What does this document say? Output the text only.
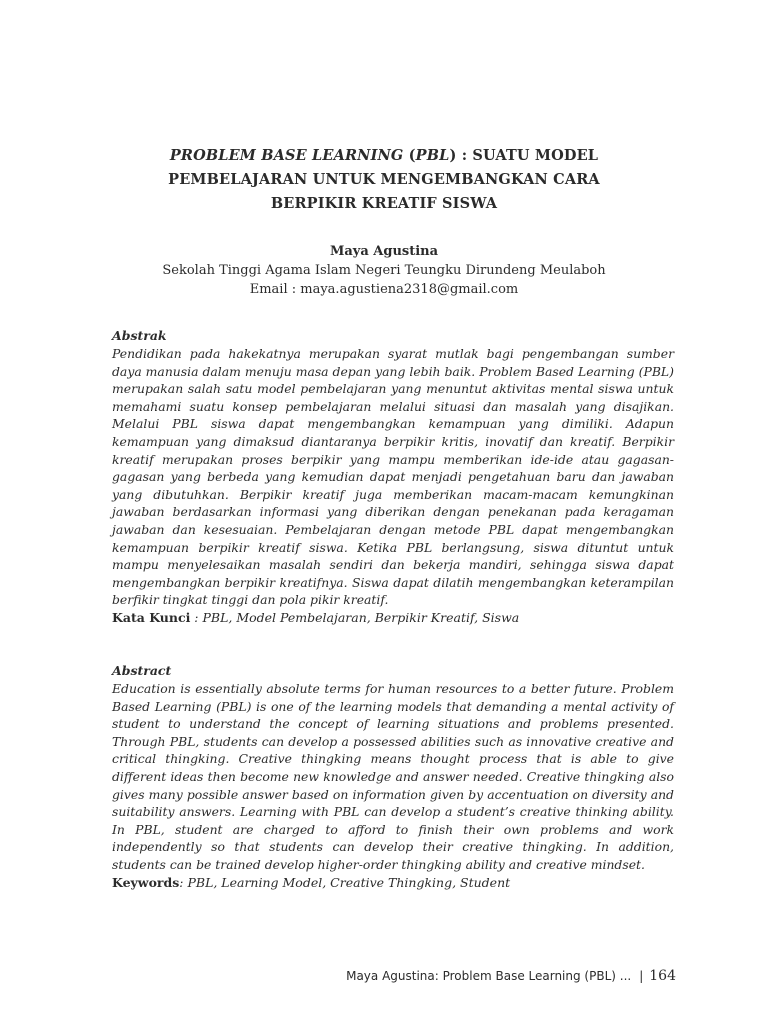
PROBLEM BASE LEARNING (PBL) : SUATU MODEL
PEMBELAJARAN UNTUK MENGEMBANGKAN CARA
BERPIKIR KREATIF SISWA
Maya Agustina
Sekolah Tinggi Agama Islam Negeri Teungku Dirundeng Meulaboh
Email : maya.agustiena2318@gmail.com
Abstrak
Pendidikan pada hakekatnya merupakan syarat mutlak bagi pengembangan sumber daya manusia dalam menuju masa depan yang lebih baik. Problem Based Learning (PBL) merupakan salah satu model pembelajaran yang menuntut aktivitas mental siswa untuk memahami suatu konsep pembelajaran melalui situasi dan masalah yang disajikan. Melalui PBL siswa dapat mengembangkan kemampuan yang dimiliki. Adapun kemampuan yang dimaksud diantaranya berpikir kritis, inovatif dan kreatif. Berpikir kreatif merupakan proses berpikir yang mampu memberikan ide-ide atau gagasan-gagasan yang berbeda yang kemudian dapat menjadi pengetahuan baru dan jawaban yang dibutuhkan. Berpikir kreatif juga memberikan macam-macam kemungkinan jawaban berdasarkan informasi yang diberikan dengan penekanan pada keragaman jawaban dan kesesuaian. Pembelajaran dengan metode PBL dapat mengembangkan kemampuan berpikir kreatif siswa. Ketika PBL berlangsung, siswa dituntut untuk mampu menyelesaikan masalah sendiri dan bekerja mandiri, sehingga siswa dapat mengembangkan berpikir kreatifnya. Siswa dapat dilatih mengembangkan keterampilan berfikir tingkat tinggi dan pola pikir kreatif.
Kata Kunci : PBL, Model Pembelajaran, Berpikir Kreatif, Siswa
Abstract
Education is essentially absolute terms for human resources to a better future. Problem Based Learning (PBL) is one of the learning models that demanding a mental activity of student to understand the concept of learning situations and problems presented. Through PBL, students can develop a possessed abilities such as innovative creative and critical thingking. Creative thingking means thought process that is able to give different ideas then become new knowledge and answer needed. Creative thingking also gives many possible answer based on information given by accentuation on diversity and suitability answers. Learning with PBL can develop a student’s creative thinking ability. In PBL, student are charged to afford to finish their own problems and work independently so that students can develop their creative thingking. In addition, students can be trained develop higher-order thingking ability and creative mindset.
Keywords: PBL, Learning Model, Creative Thingking, Student
Maya Agustina: Problem Base Learning (PBL) ... | 164
